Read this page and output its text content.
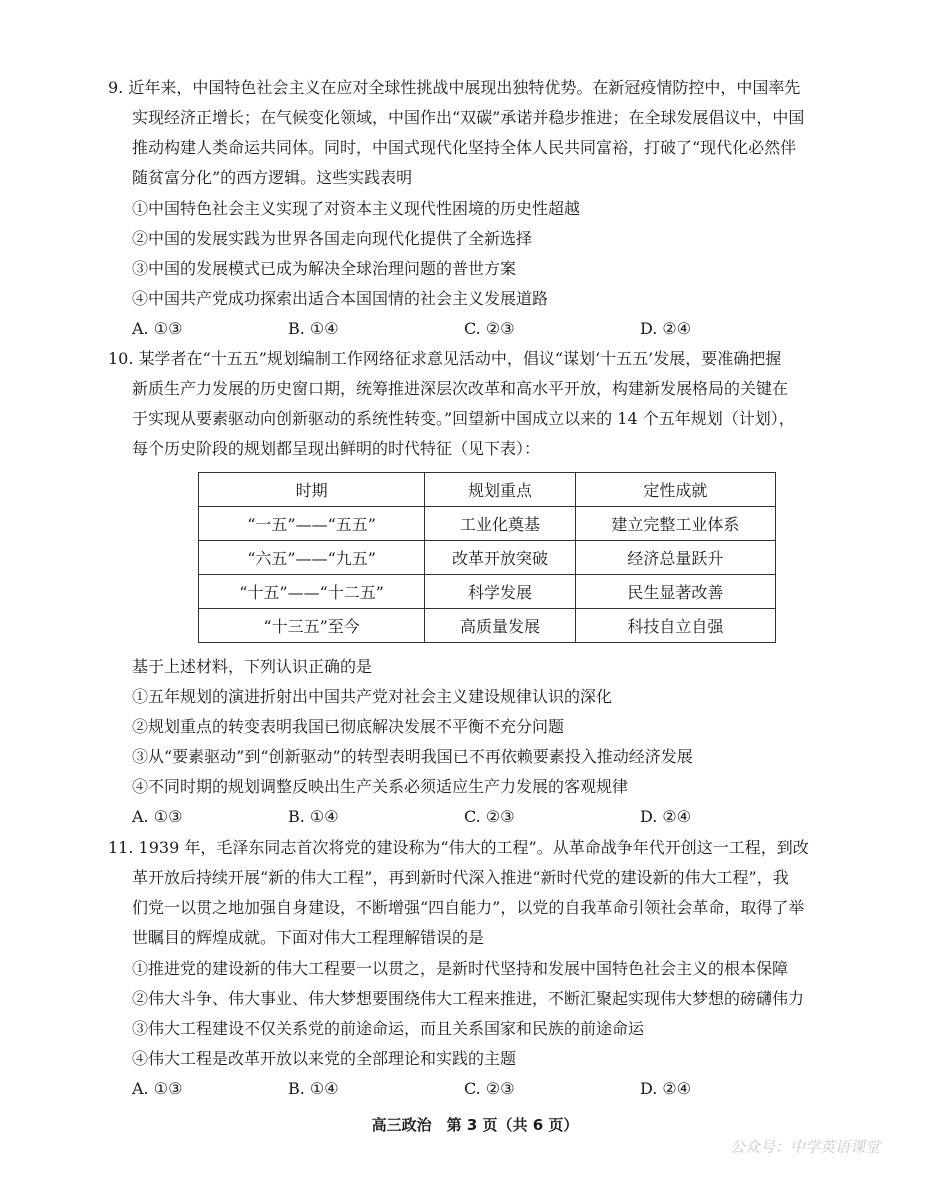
9. 近年来，中国特色社会主义在应对全球性挑战中展现出独特优势。在新冠疫情防控中，中国率先
实现经济正增长；在气候变化领域，中国作出“双碳”承诺并稳步推进；在全球发展倡议中，中国
推动构建人类命运共同体。同时，中国式现代化坚持全体人民共同富裕，打破了“现代化必然伴
随贫富分化”的西方逻辑。这些实践表明
①中国特色社会主义实现了对资本主义现代性困境的历史性超越
②中国的发展实践为世界各国走向现代化提供了全新选择
③中国的发展模式已成为解决全球治理问题的普世方案
④中国共产党成功探索出适合本国国情的社会主义发展道路
A. ①③	B. ①④	C. ②③	D. ②④
10. 某学者在“十五五”规划编制工作网络征求意见活动中，倡议“谋划‘十五五’发展，要准确把握
新质生产力发展的历史窗口期，统筹推进深层次改革和高水平开放，构建新发展格局的关键在
于实现从要素驱动向创新驱动的系统性转变。”回望新中国成立以来的 14 个五年规划（计划），
每个历史阶段的规划都呈现出鲜明的时代特征（见下表）：
时期	规划重点	定性成就
“一五”——“五五”	工业化奠基	建立完整工业体系
“六五”——“九五”	改革开放突破	经济总量跃升
“十五”——“十二五”	科学发展	民生显著改善
“十三五”至今	高质量发展	科技自立自强
基于上述材料，下列认识正确的是
①五年规划的演进折射出中国共产党对社会主义建设规律认识的深化
②规划重点的转变表明我国已彻底解决发展不平衡不充分问题
③从“要素驱动”到“创新驱动”的转型表明我国已不再依赖要素投入推动经济发展
④不同时期的规划调整反映出生产关系必须适应生产力发展的客观规律
A. ①③	B. ①④	C. ②③	D. ②④
11. 1939 年，毛泽东同志首次将党的建设称为“伟大的工程”。从革命战争年代开创这一工程，到改
革开放后持续开展“新的伟大工程”，再到新时代深入推进“新时代党的建设新的伟大工程”，我
们党一以贯之地加强自身建设，不断增强“四自能力”，以党的自我革命引领社会革命，取得了举
世瞩目的辉煌成就。下面对伟大工程理解错误的是
①推进党的建设新的伟大工程要一以贯之，是新时代坚持和发展中国特色社会主义的根本保障
②伟大斗争、伟大事业、伟大梦想要围绕伟大工程来推进，不断汇聚起实现伟大梦想的磅礴伟力
③伟大工程建设不仅关系党的前途命运，而且关系国家和民族的前途命运
④伟大工程是改革开放以来党的全部理论和实践的主题
A. ①③	B. ①④	C. ②③	D. ②④
高三政治　第 3 页（共 6 页）
公众号：中学英语课堂
